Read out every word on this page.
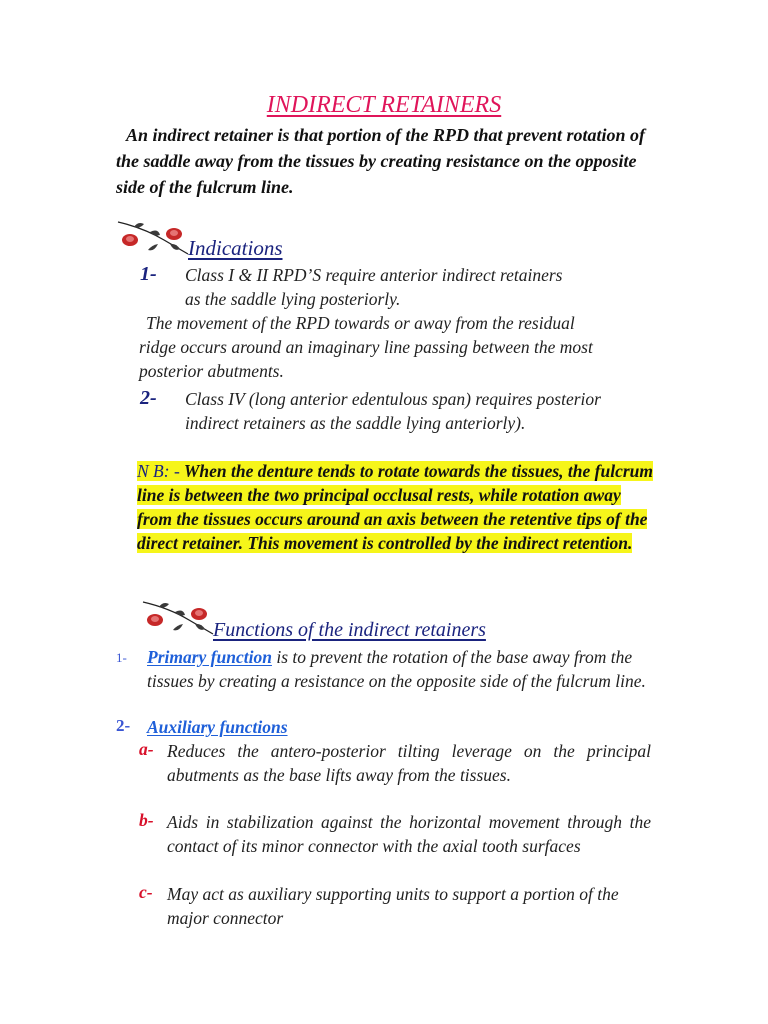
INDIRECT RETAINERS
An indirect retainer is that portion of the RPD that prevent rotation of the saddle away from the tissues by creating resistance on the opposite side of the fulcrum line.
Indications
1- Class I & II RPD’S require anterior indirect retainers
as the saddle lying posteriorly.
The movement of the RPD towards or away from the residual ridge occurs around an imaginary line passing between the most posterior abutments.
2- Class IV (long anterior edentulous span) requires posterior indirect retainers as the saddle lying anteriorly).
N B: - When the denture tends to rotate towards the tissues, the fulcrum line is between the two principal occlusal rests, while rotation away from the tissues occurs around an axis between the retentive tips of the direct retainer. This movement is controlled by the indirect retention.
Functions of the indirect retainers
1- Primary function is to prevent the rotation of the base away from the tissues by creating a resistance on the opposite side of the fulcrum line.
2- Auxiliary functions
a- Reduces the antero-posterior tilting leverage on the principal abutments as the base lifts away from the tissues.
b- Aids in stabilization against the horizontal movement through the contact of its minor connector with the axial tooth surfaces
c- May act as auxiliary supporting units to support a portion of the major connector
